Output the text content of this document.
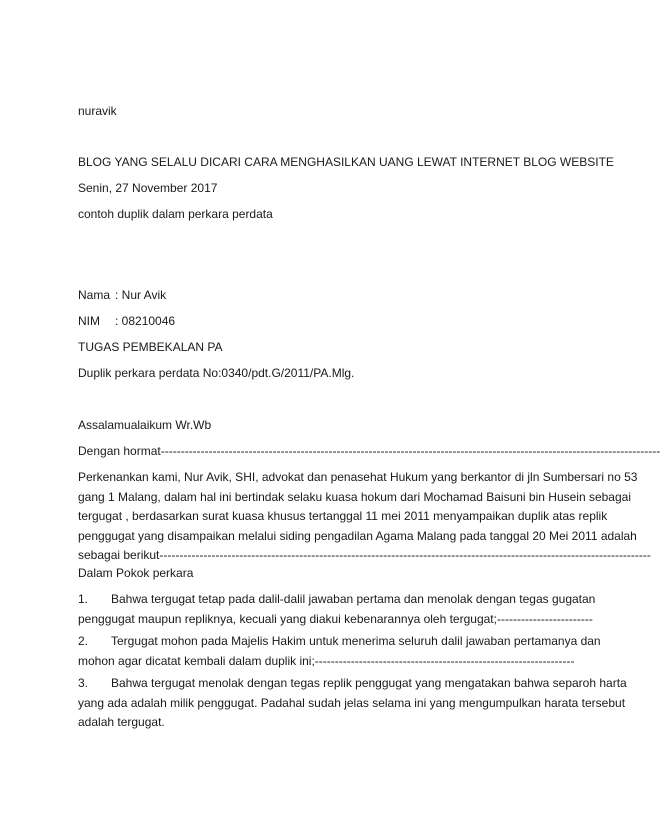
nuravik
BLOG YANG SELALU DICARI CARA MENGHASILKAN UANG LEWAT INTERNET BLOG WEBSITE
Senin, 27 November 2017
contoh duplik dalam perkara perdata
Nama : Nur Avik
NIM : 08210046
TUGAS PEMBEKALAN PA
Duplik perkara perdata No:0340/pdt.G/2011/PA.Mlg.
Assalamualaikum Wr.Wb
Dengan hormat-----------------------------------------------------------------------------------------------------------------------------
Perkenankan kami, Nur Avik, SHI, advokat dan penasehat Hukum yang berkantor di jln Sumbersari no 53
gang 1 Malang, dalam hal ini bertindak selaku kuasa hokum dari Mochamad Baisuni bin Husein sebagai
tergugat , berdasarkan surat kuasa khusus tertanggal 11 mei 2011 menyampaikan duplik atas replik
penggugat yang disampaikan melalui siding pengadilan Agama Malang pada tanggal 20 Mei 2011 adalah
sebagai berikut---------------------------------------------------------------------------------------------------------------------------
Dalam Pokok perkara
1.	Bahwa tergugat tetap pada dalil-dalil jawaban pertama dan menolak dengan tegas gugatan
penggugat maupun repliknya, kecuali yang diakui kebenarannya oleh tergugat;------------------------
2.	Tergugat mohon pada Majelis Hakim untuk menerima seluruh dalil jawaban pertamanya dan
mohon agar dicatat kembali dalam duplik ini;-----------------------------------------------------------------
3.	Bahwa tergugat menolak dengan tegas replik penggugat yang mengatakan bahwa separoh harta
yang ada adalah milik penggugat. Padahal sudah jelas selama ini yang mengumpulkan harata tersebut
adalah tergugat.
